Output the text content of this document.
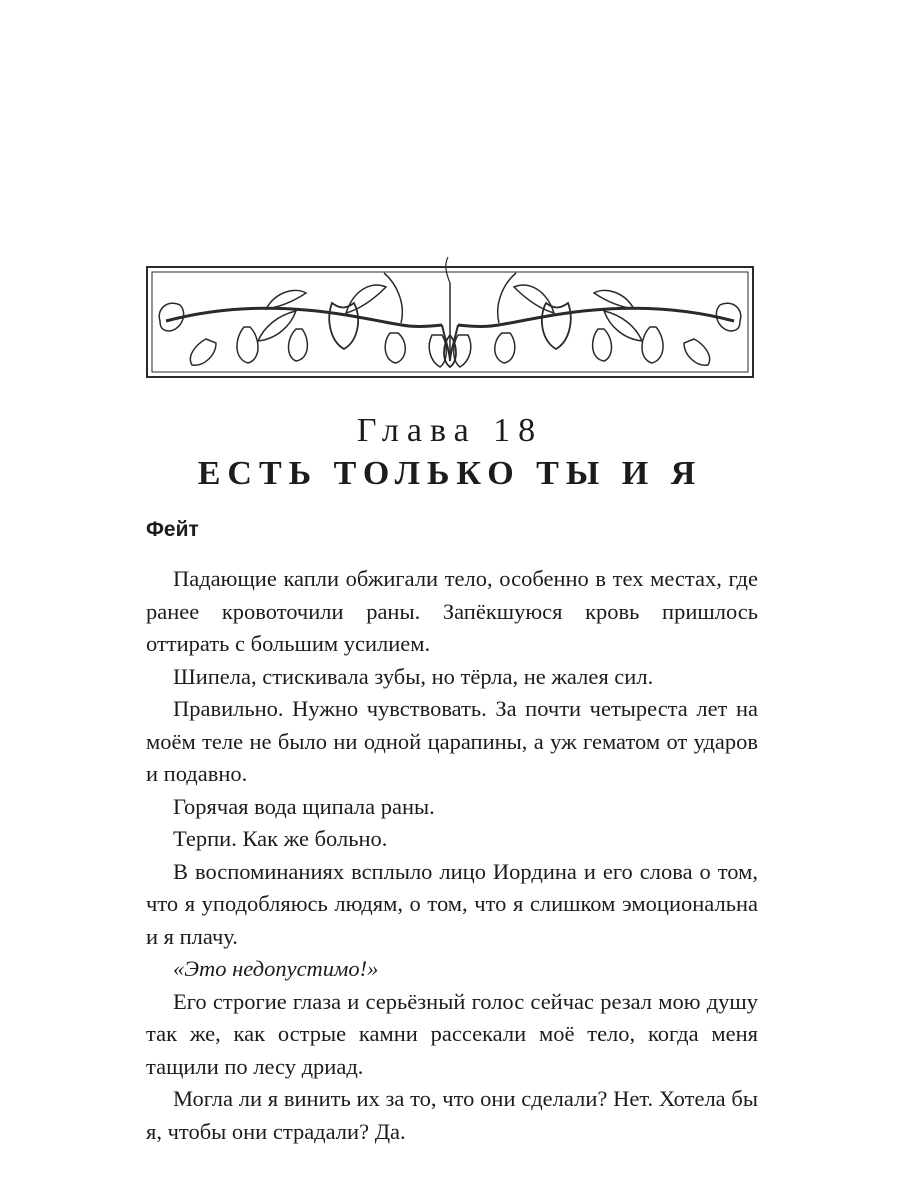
Глава 18
ЕСТЬ ТОЛЬКО ТЫ И Я
Фейт

Падающие капли обжигали тело, особенно в тех местах, где ранее кровоточили раны. Запёкшуюся кровь пришлось оттирать с большим усилием.

Шипела, стискивала зубы, но тёрла, не жалея сил.

Правильно. Нужно чувствовать. За почти четыреста лет на моём теле не было ни одной царапины, а уж гематом от ударов и подавно.

Горячая вода щипала раны.

Терпи. Как же больно.

В воспоминаниях всплыло лицо Иордина и его слова о том, что я уподобляюсь людям, о том, что я слишком эмоциональна и я плачу.

«Это недопустимо!»

Его строгие глаза и серьёзный голос сейчас резал мою душу так же, как острые камни рассекали моё тело, когда меня тащили по лесу дриад.

Могла ли я винить их за то, что они сделали? Нет. Хотела бы я, чтобы они страдали? Да.
